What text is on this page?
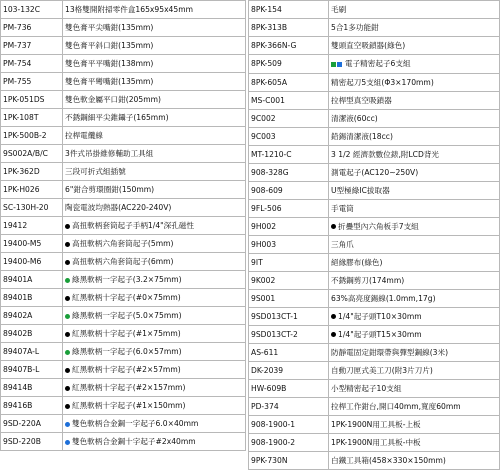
103-132C	13格雙開附掃零件盒165x95x45mm
PM-736	雙色膏平尖嘴鉗(135mm)
PM-737	雙色膏平斜口鉗(135mm)
PM-754	雙色膏平平嘴鉗(138mm)
PM-755	雙色膏平彎嘴鉗(135mm)
1PK-051DS	雙色軟金屬平口鉗(205mm)
1PK-108T	不銹鋼細平尖錐鑷子(165mm)
1PK-500B-2	拉桿電纜線
9S002A/B/C	3件式吊掛維修輔助工具組
1PK-362D	三段可折式組插號
1PK-H026	6"鉗合剪環圈鉗(150mm)
SC-130H-20	陶瓷電波均熱器(AC220-240V)
19412	高扭軟柄套筒起子手柄1/4"深孔磁性
19400-M5	高扭軟柄六角套筒起子(5mm)
19400-M6	高扭軟柄六角套筒起子(6mm)
89401A	綠黑軟柄一字起子(3.2×75mm)
89401B	紅黑軟柄十字起子(#0×75mm)
89402A	綠黑軟柄一字起子(5.0×75mm)
89402B	紅黑軟柄十字起子(#1×75mm)
89407A-L	綠黑軟柄一字起子(6.0×57mm)
89407B-L	紅黑軟柄十字起子(#2×57mm)
89414B	紅黑軟柄十字起子(#2×157mm)
89416B	紅黑軟柄十字起子(#1×150mm)
9SD-220A	雙色軟柄合金鋼一字起子6.0×40mm
9SD-220B	雙色軟柄合金鋼十字起子#2x40mm
8PK-154	毛刷
8PK-313B	5合1多功能鉗
8PK-366N-G	雙頭直空吸鎖器(綠色)
8PK-509	電子精密起子6支組
8PK-605A	精密起刀5支組(Φ3×170mm)
MS-C001	拉桿型真空吸鎖器
9C002	清潔液(60cc)
9C003	鉛錫清潔液(18cc)
MT-1210-C	3 1/2 經濟款數位錶,附LCD背光
908-328G	測電起子(AC120~250V)
908-609	U型極綠IC拔取器
9FL-506	手電筒
9H002	折疊型內六角板手7支組
9H003	三角爪
9IT	絕緣膠布(綠色)
9K002	不銹鋼剪刀(174mm)
9S001	63%高亮度錫線(1.0mm,17g)
9SD013CT-1	1/4"起子頭T10×30mm
9SD013CT-2	1/4"起子頭T15×30mm
AS-611	防靜電固定鉗環帶與彈型鋼線(3米)
DK-2039	自動刀匣式美工刀(附3片刀片)
HW-609B	小型精密起子10支組
PD-374	拉桿工作鉗台,開口40mm,寬度60mm
908-1900-1	1PK-1900N用工具板-上板
908-1900-2	1PK-1900N用工具板-中板
9PK-730N	白鐵工具箱(458×330×150mm)
